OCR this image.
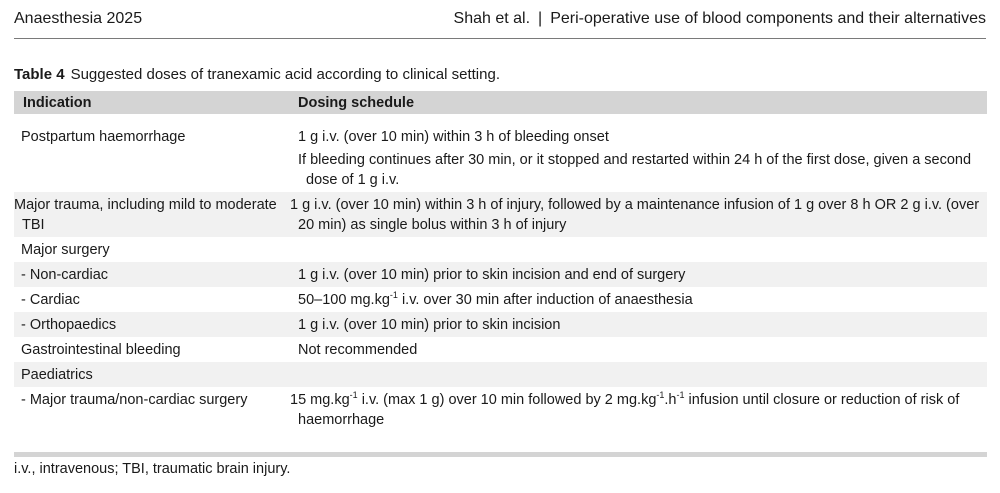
Anaesthesia 2025	Shah et al. | Peri-operative use of blood components and their alternatives
Table 4 Suggested doses of tranexamic acid according to clinical setting.
Indication	Dosing schedule

Postpartum haemorrhage	1 g i.v. (over 10 min) within 3 h of bleeding onset
If bleeding continues after 30 min, or it stopped and restarted within 24 h of the first dose, given a second dose of 1 g i.v.

Major trauma, including mild to moderate TBI	1 g i.v. (over 10 min) within 3 h of injury, followed by a maintenance infusion of 1 g over 8 h OR 2 g i.v. (over 20 min) as single bolus within 3 h of injury
Major surgery	
- Non-cardiac	1 g i.v. (over 10 min) prior to skin incision and end of surgery
- Cardiac	50–100 $mg.kg^{-1}$ i.v. over 30 min after induction of anaesthesia
- Orthopaedics	1 g i.v. (over 10 min) prior to skin incision
Gastrointestinal bleeding	Not recommended
Paediatrics	
- Major trauma/non-cardiac surgery	15 $mg.kg^{-1}$ i.v. (max 1 g) over 10 min followed by 2 $mg.kg^{-1}.h^{-1}$ infusion until closure or reduction of risk of haemorrhage
i.v., intravenous; TBI, traumatic brain injury.
